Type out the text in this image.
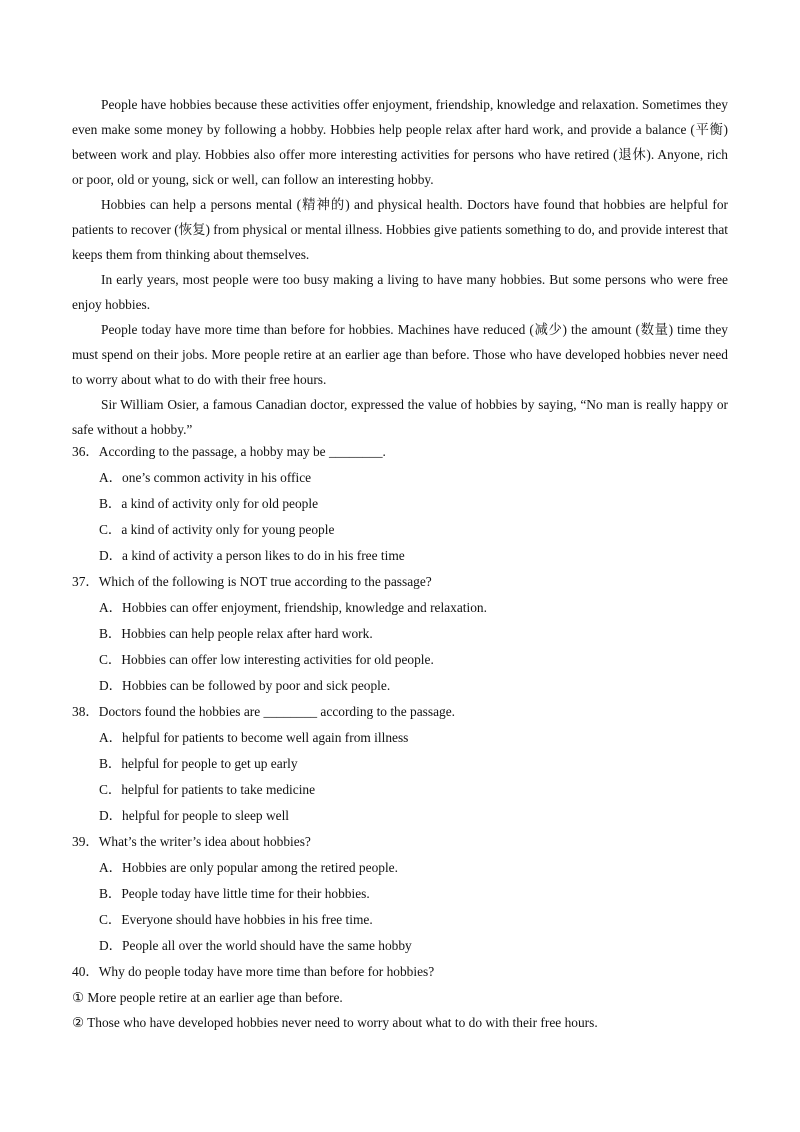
People have hobbies because these activities offer enjoyment, friendship, knowledge and relaxation. Sometimes they even make some money by following a hobby. Hobbies help people relax after hard work, and provide a balance (平衡) between work and play. Hobbies also offer more interesting activities for persons who have retired (退休). Anyone, rich or poor, old or young, sick or well, can follow an interesting hobby.

Hobbies can help a persons mental (精神的) and physical health. Doctors have found that hobbies are helpful for patients to recover (恢复) from physical or mental illness. Hobbies give patients something to do, and provide interest that keeps them from thinking about themselves.

In early years, most people were too busy making a living to have many hobbies. But some persons who were free enjoy hobbies.

People today have more time than before for hobbies. Machines have reduced (减少) the amount (数量) time they must spend on their jobs. More people retire at an earlier age than before. Those who have developed hobbies never need to worry about what to do with their free hours.

Sir William Osier, a famous Canadian doctor, expressed the value of hobbies by saying, “No man is really happy or safe without a hobby.”

36．According to the passage, a hobby may be ________.

A．one’s common activity in his office
B．a kind of activity only for old people
C．a kind of activity only for young people
D．a kind of activity a person likes to do in his free time

37．Which of the following is NOT true according to the passage?

A．Hobbies can offer enjoyment, friendship, knowledge and relaxation.
B．Hobbies can help people relax after hard work.
C．Hobbies can offer low interesting activities for old people.
D．Hobbies can be followed by poor and sick people.

38．Doctors found the hobbies are ________ according to the passage.

A．helpful for patients to become well again from illness
B．helpful for people to get up early
C．helpful for patients to take medicine
D．helpful for people to sleep well

39．What’s the writer’s idea about hobbies?

A．Hobbies are only popular among the retired people.
B．People today have little time for their hobbies.
C．Everyone should have hobbies in his free time.
D．People all over the world should have the same hobby

40．Why do people today have more time than before for hobbies?

① More people retire at an earlier age than before.

② Those who have developed hobbies never need to worry about what to do with their free hours.
